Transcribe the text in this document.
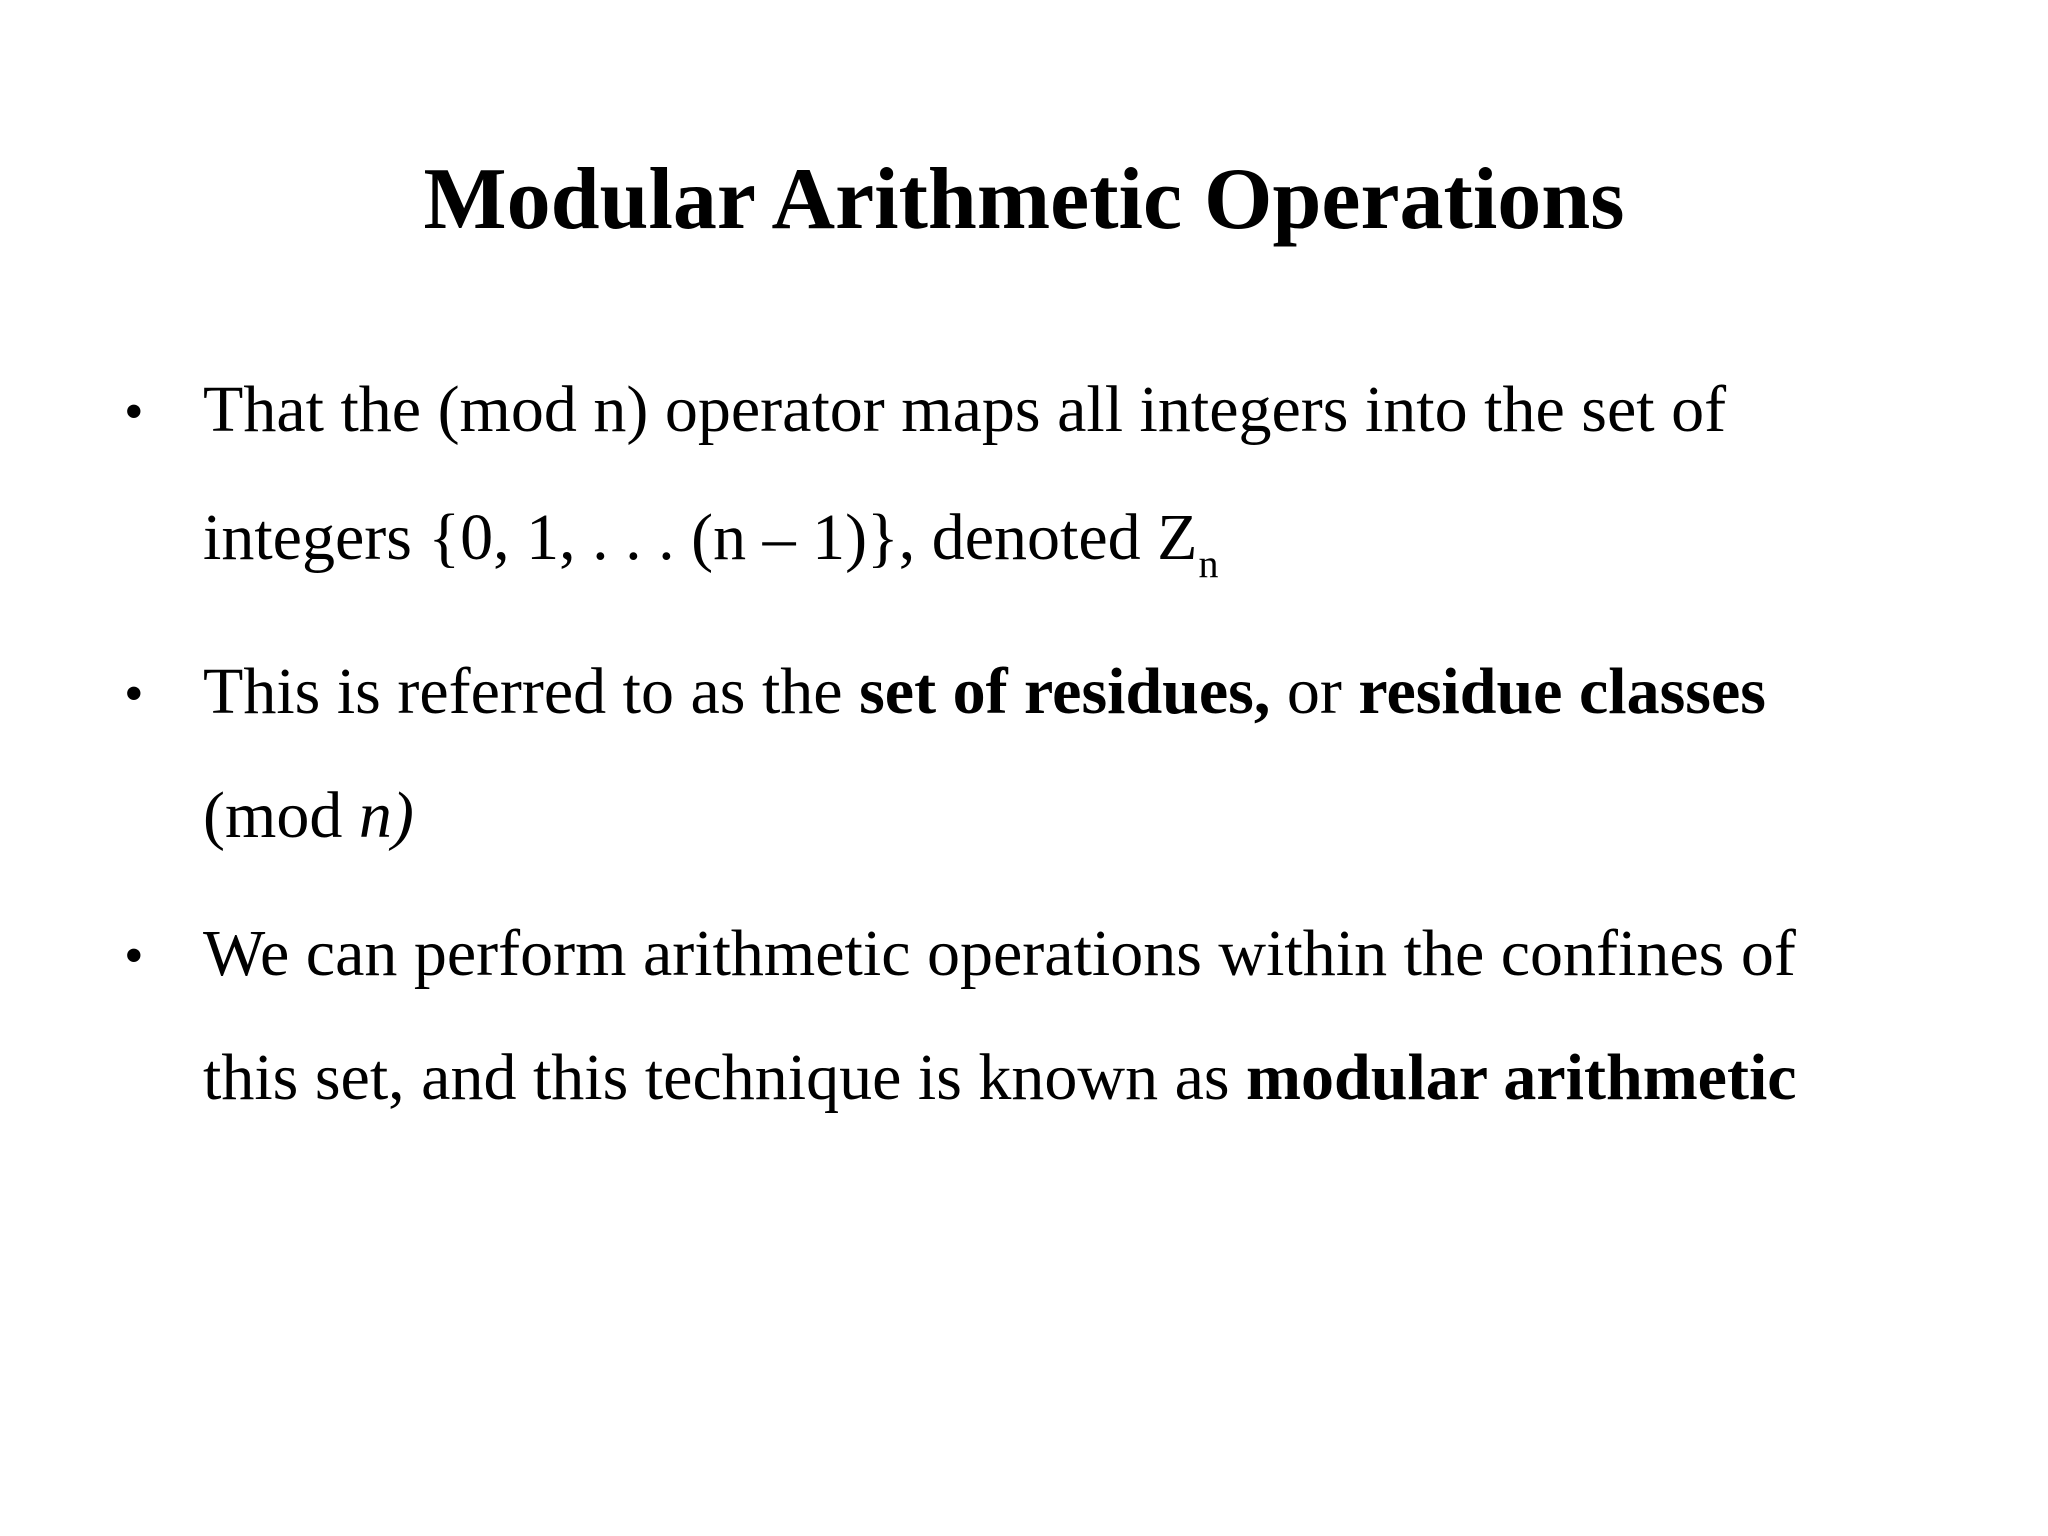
Modular Arithmetic Operations
• That the (mod n) operator maps all integers into the set of
integers {0, 1, . . . (n – 1)}, denoted $Z_n$
• This is referred to as the set of residues, or residue classes
(mod n)
• We can perform arithmetic operations within the confines of
this set, and this technique is known as modular arithmetic
